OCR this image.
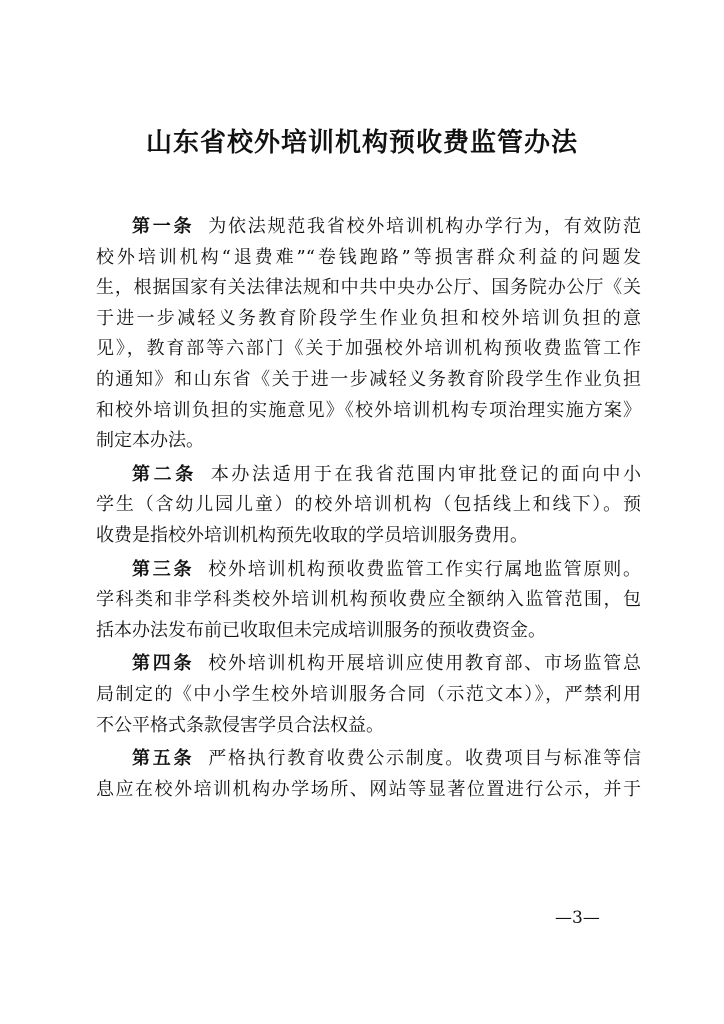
山东省校外培训机构预收费监管办法
第一条 为依法规范我省校外培训机构办学行为，有效防范
校外培训机构“退费难”“卷钱跑路”等损害群众利益的问题发
生，根据国家有关法律法规和中共中央办公厅、国务院办公厅《关
于进一步减轻义务教育阶段学生作业负担和校外培训负担的意
见》，教育部等六部门《关于加强校外培训机构预收费监管工作
的通知》和山东省《关于进一步减轻义务教育阶段学生作业负担
和校外培训负担的实施意见》《校外培训机构专项治理实施方案》
制定本办法。
第二条 本办法适用于在我省范围内审批登记的面向中小
学生（含幼儿园儿童）的校外培训机构（包括线上和线下）。预
收费是指校外培训机构预先收取的学员培训服务费用。
第三条 校外培训机构预收费监管工作实行属地监管原则。
学科类和非学科类校外培训机构预收费应全额纳入监管范围，包
括本办法发布前已收取但未完成培训服务的预收费资金。
第四条 校外培训机构开展培训应使用教育部、市场监管总
局制定的《中小学生校外培训服务合同（示范文本）》，严禁利用
不公平格式条款侵害学员合法权益。
第五条 严格执行教育收费公示制度。收费项目与标准等信
息应在校外培训机构办学场所、网站等显著位置进行公示，并于
—3—
